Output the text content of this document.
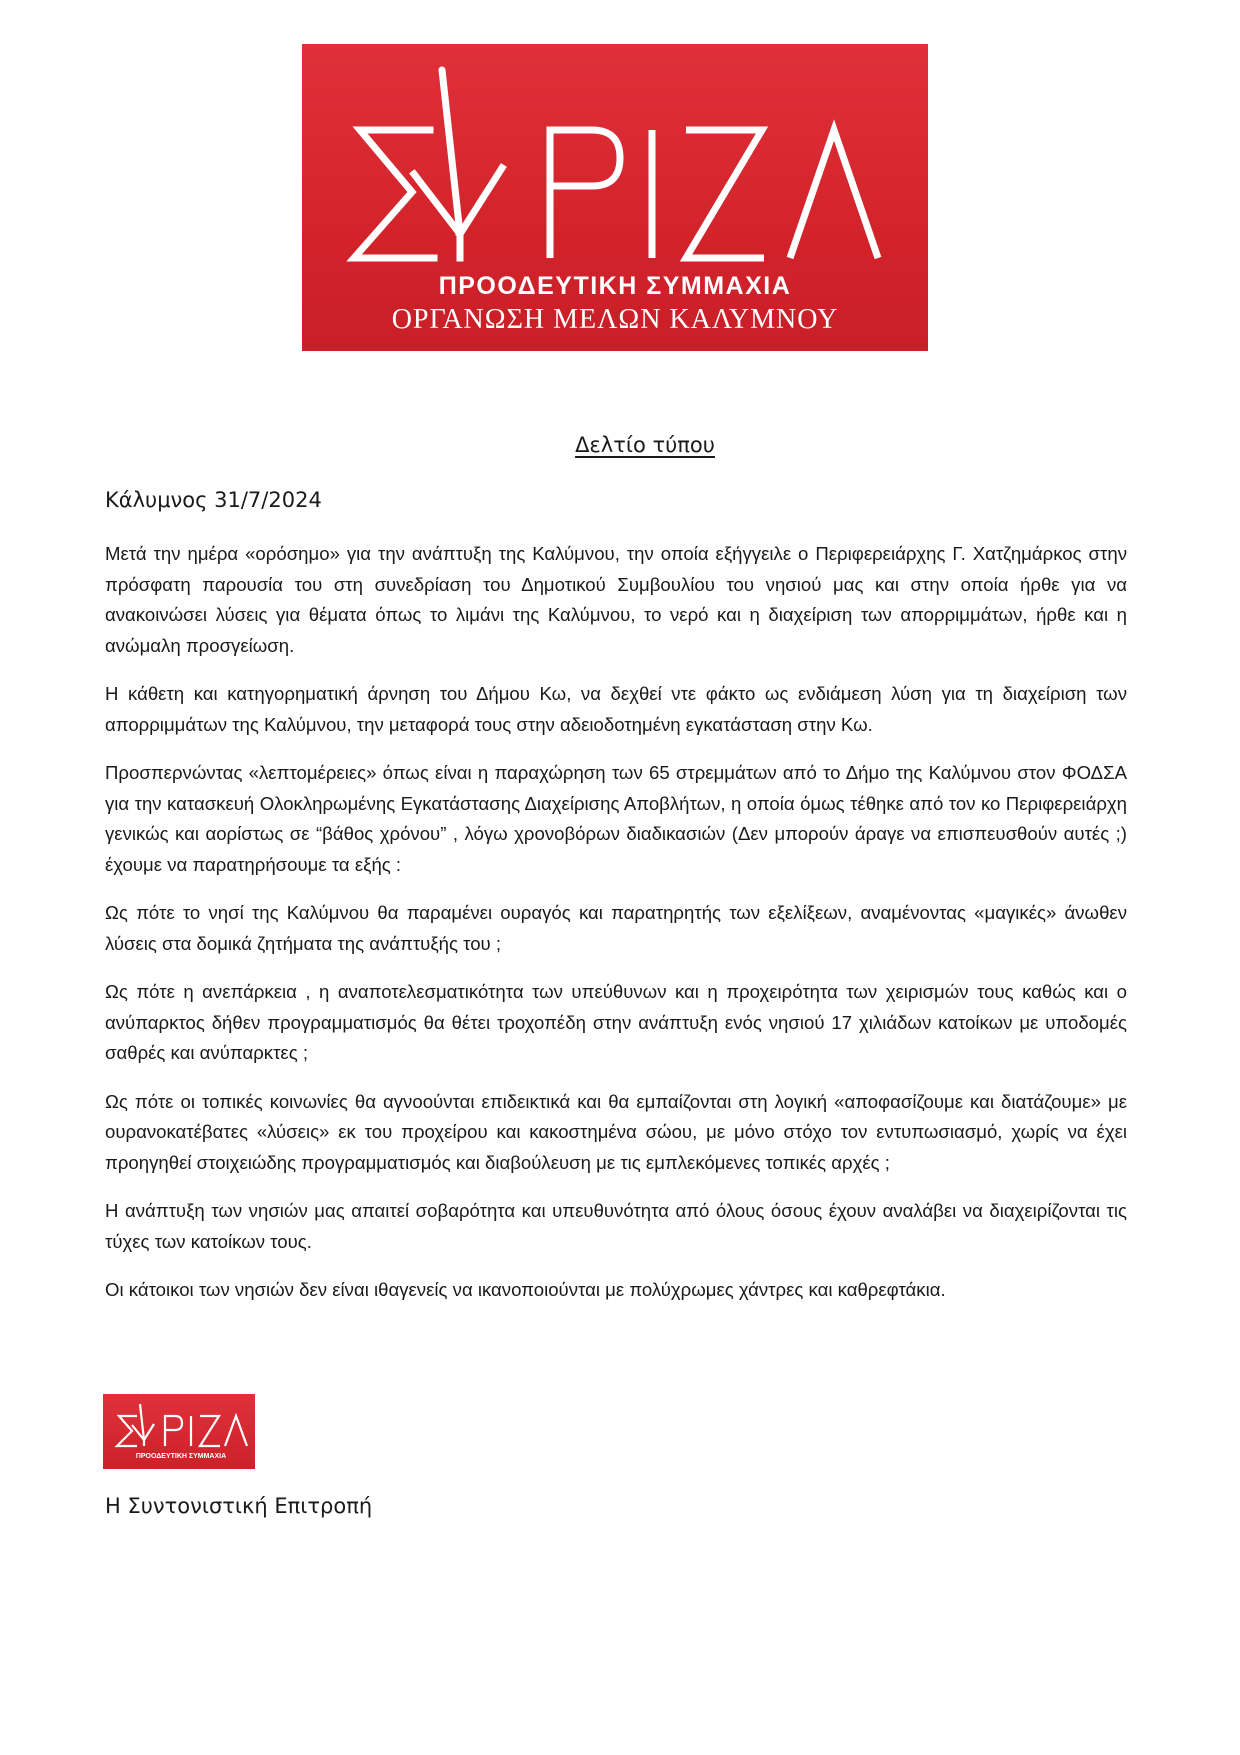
ΠΡΟΟΔΕΥΤΙΚΗ ΣΥΜΜΑΧΙΑ
ΟΡΓΑΝΩΣΗ ΜΕΛΩΝ ΚΑΛΥΜΝΟΥ
Δελτίο τύπου
Κάλυμνος 31/7/2024

Μετά την ημέρα «ορόσημο» για την ανάπτυξη της Καλύμνου, την οποία εξήγγειλε ο Περιφερειάρχης Γ. Χατζημάρκος στην πρόσφατη παρουσία του στη συνεδρίαση του Δημοτικού Συμβουλίου του νησιού μας και στην οποία ήρθε για να ανακοινώσει λύσεις για θέματα όπως το λιμάνι της Καλύμνου, το νερό και η διαχείριση των απορριμμάτων, ήρθε και η ανώμαλη προσγείωση.

Η κάθετη και κατηγορηματική άρνηση του Δήμου Κω, να δεχθεί ντε φάκτο ως ενδιάμεση λύση για τη διαχείριση των απορριμμάτων της Καλύμνου, την μεταφορά τους στην αδειοδοτημένη εγκατάσταση στην Κω.

Προσπερνώντας «λεπτομέρειες» όπως είναι η παραχώρηση των 65 στρεμμάτων από το Δήμο της Καλύμνου στον ΦΟΔΣΑ για την κατασκευή Ολοκληρωμένης Εγκατάστασης Διαχείρισης Αποβλήτων, η οποία όμως τέθηκε από τον κο Περιφερειάρχη γενικώς και αορίστως σε “βάθος χρόνου” , λόγω χρονοβόρων διαδικασιών (Δεν μπορούν άραγε να επισπευσθούν αυτές ;) έχουμε να παρατηρήσουμε τα εξής :

Ως πότε το νησί της Καλύμνου θα παραμένει ουραγός και παρατηρητής των εξελίξεων, αναμένοντας «μαγικές» άνωθεν λύσεις στα δομικά ζητήματα της ανάπτυξής του ;

Ως πότε η ανεπάρκεια , η αναποτελεσματικότητα των υπεύθυνων και η προχειρότητα των χειρισμών τους καθώς και ο ανύπαρκτος δήθεν προγραμματισμός θα θέτει τροχοπέδη στην ανάπτυξη ενός νησιού 17 χιλιάδων κατοίκων με υποδομές σαθρές και ανύπαρκτες ;

Ως πότε οι τοπικές κοινωνίες θα αγνοούνται επιδεικτικά και θα εμπαίζονται στη λογική «αποφασίζουμε και διατάζουμε» με ουρανοκατέβατες «λύσεις» εκ του προχείρου και κακοστημένα σώου, με μόνο στόχο τον εντυπωσιασμό, χωρίς να έχει προηγηθεί στοιχειώδης προγραμματισμός και διαβούλευση με τις εμπλεκόμενες τοπικές αρχές ;

Η ανάπτυξη των νησιών μας απαιτεί σοβαρότητα και υπευθυνότητα από όλους όσους έχουν αναλάβει να διαχειρίζονται τις τύχες των κατοίκων τους.

Οι κάτοικοι των νησιών δεν είναι ιθαγενείς να ικανοποιούνται με πολύχρωμες χάντρες και καθρεφτάκια.

ΠΡΟΟΔΕΥΤΙΚΗ ΣΥΜΜΑΧΙΑ
Η Συντονιστική Επιτροπή
